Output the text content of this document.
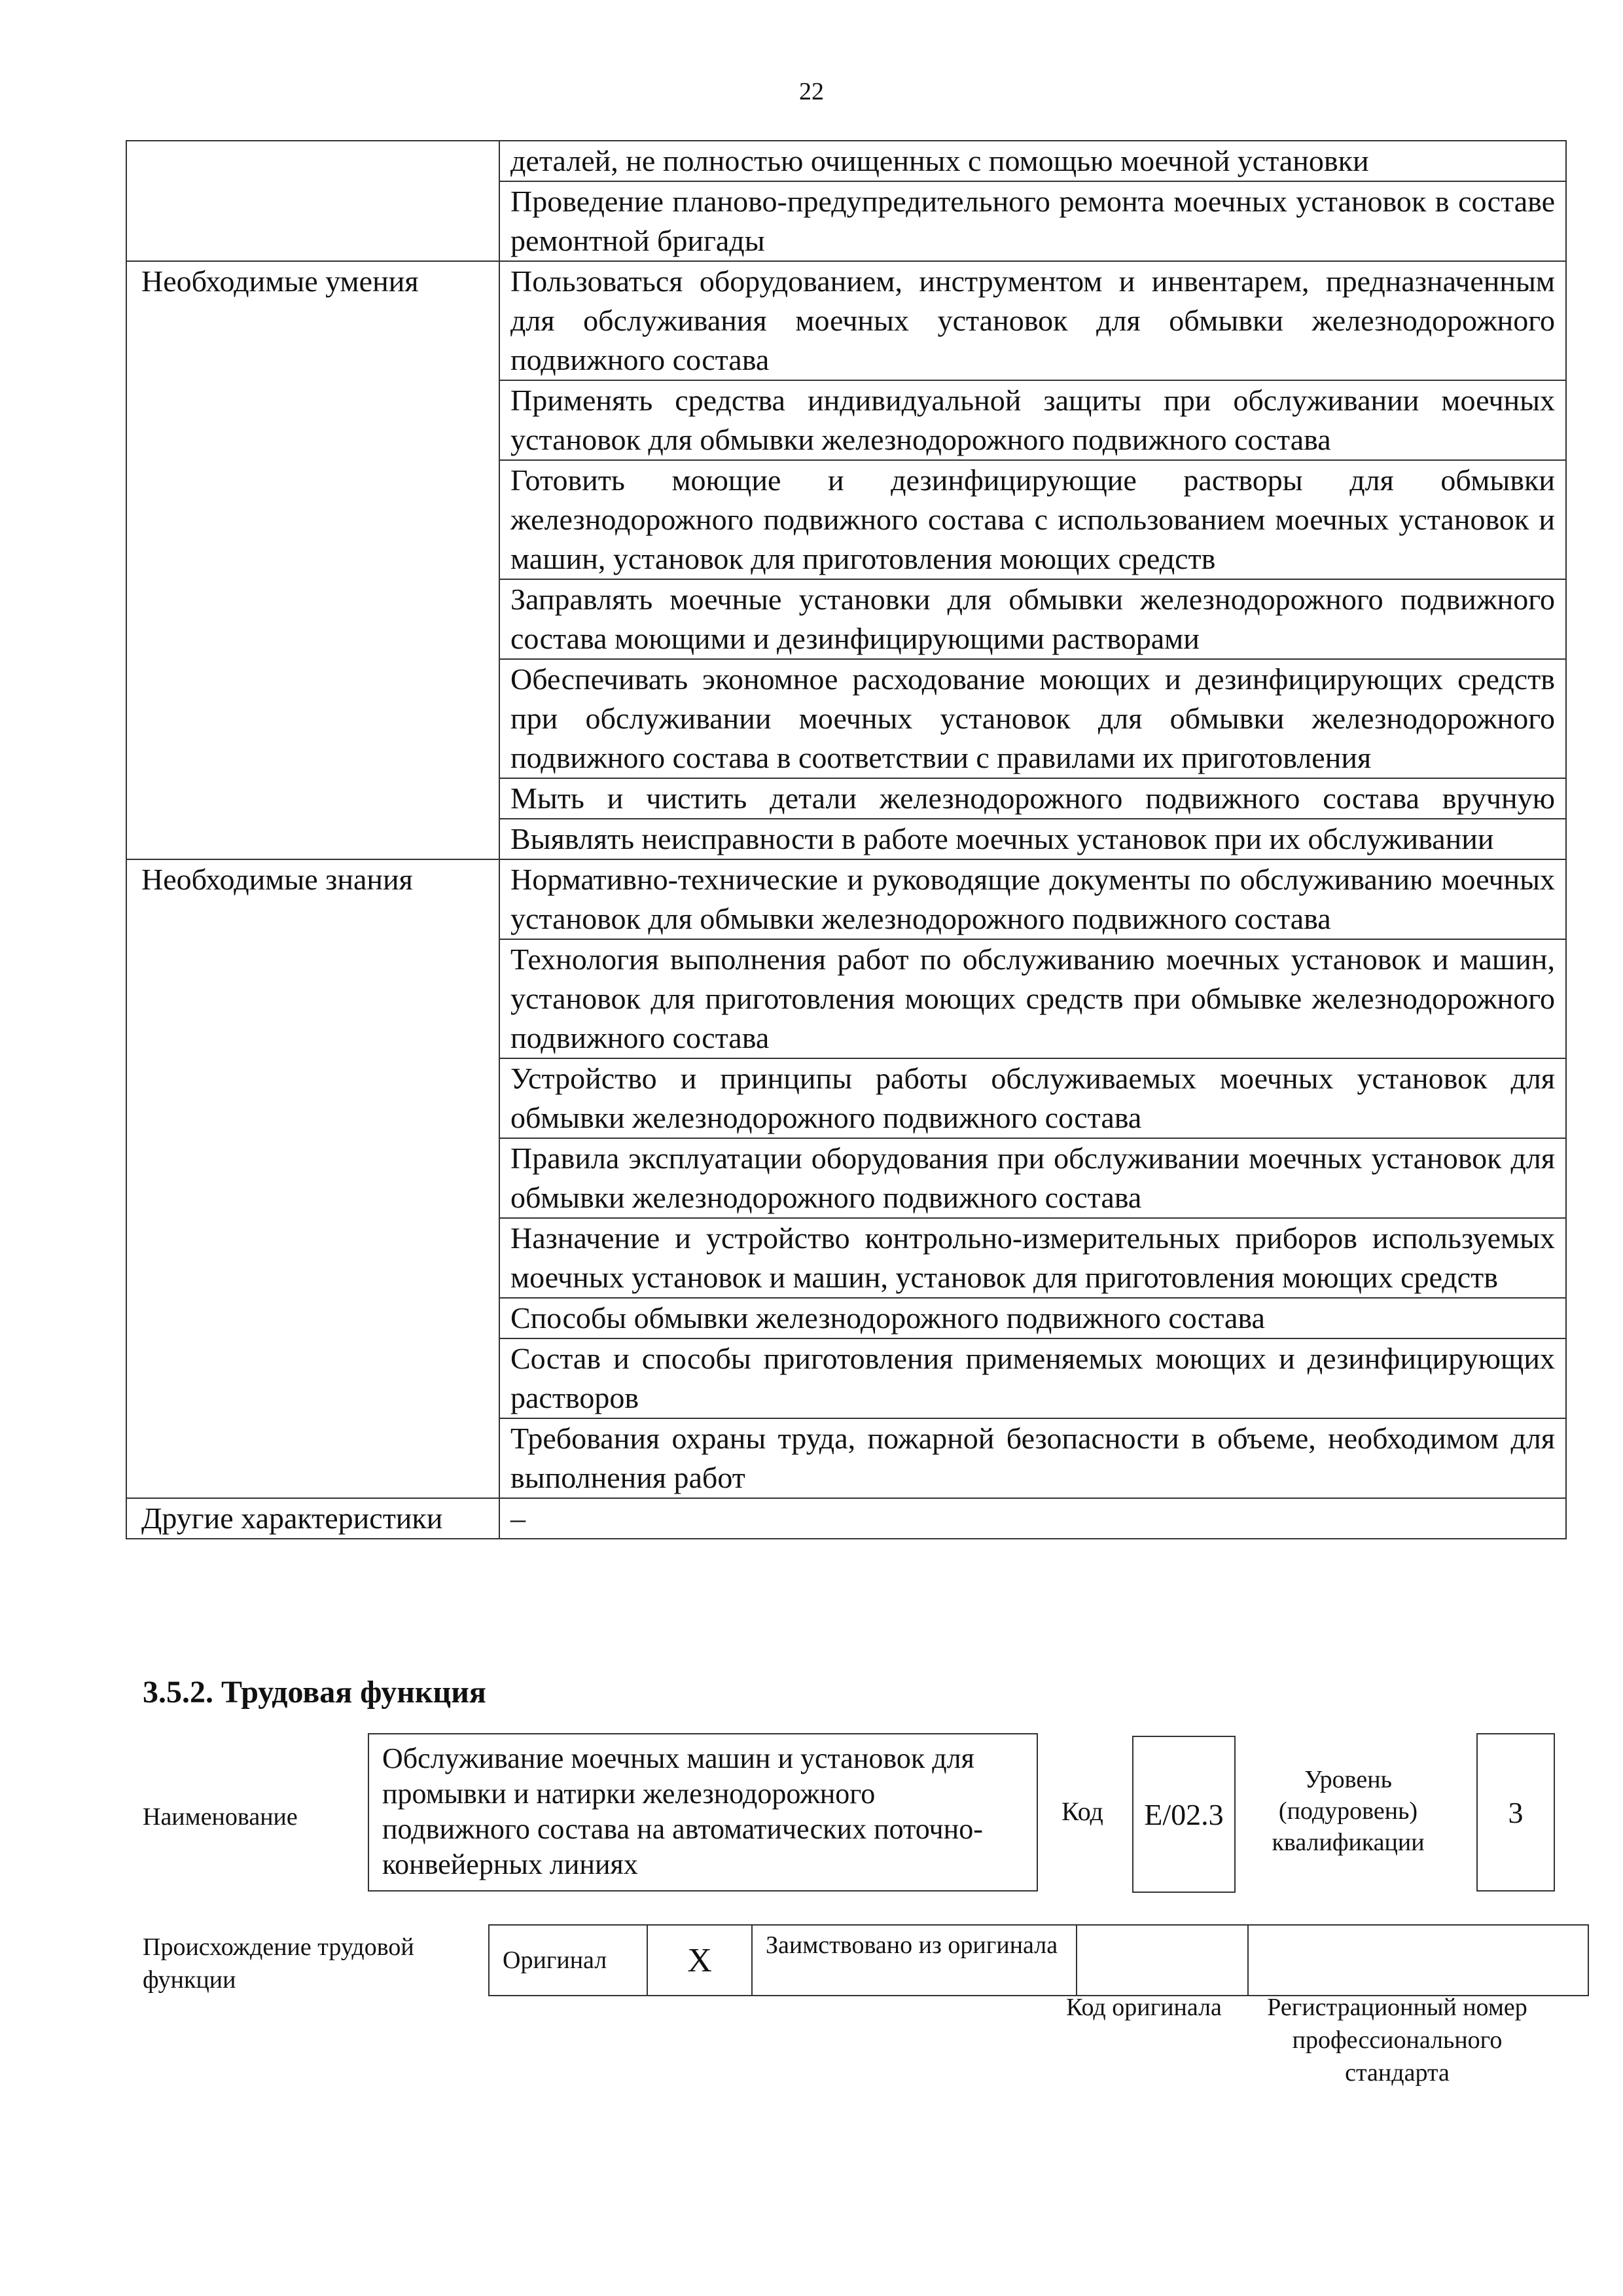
22
	деталей, не полностью очищенных с помощью моечной установки
	Проведение планово-предупредительного ремонта моечных установок в составе ремонтной бригады
Необходимые умения	Пользоваться оборудованием, инструментом и инвентарем, предназначенным для обслуживания моечных установок для обмывки железнодорожного подвижного состава
	Применять средства индивидуальной защиты при обслуживании моечных установок для обмывки железнодорожного подвижного состава
	Готовить моющие и дезинфицирующие растворы для обмывки железнодорожного подвижного состава с использованием моечных установок и машин, установок для приготовления моющих средств
	Заправлять моечные установки для обмывки железнодорожного подвижного состава моющими и дезинфицирующими растворами
	Обеспечивать экономное расходование моющих и дезинфицирующих средств при обслуживании моечных установок для обмывки железнодорожного подвижного состава в соответствии с правилами их приготовления
	Мыть и чистить детали железнодорожного подвижного состава вручную
	Выявлять неисправности в работе моечных установок при их обслуживании
Необходимые знания	Нормативно-технические и руководящие документы по обслуживанию моечных установок для обмывки железнодорожного подвижного состава
	Технология выполнения работ по обслуживанию моечных установок и машин, установок для приготовления моющих средств при обмывке железнодорожного подвижного состава
	Устройство и принципы работы обслуживаемых моечных установок для обмывки железнодорожного подвижного состава
	Правила эксплуатации оборудования при обслуживании моечных установок для обмывки железнодорожного подвижного состава
	Назначение и устройство контрольно-измерительных приборов используемых моечных установок и машин, установок для приготовления моющих средств
	Способы обмывки железнодорожного подвижного состава
	Состав и способы приготовления применяемых моющих и дезинфицирующих растворов
	Требования охраны труда, пожарной безопасности в объеме, необходимом для выполнения работ
Другие характеристики	–
3.5.2. Трудовая функция
Наименование
Обслуживание моечных машин и установок для промывки и натирки железнодорожного подвижного состава на автоматических поточно-конвейерных линиях
Код E/02.3
Уровень (подуровень) квалификации
3
Происхождение трудовой функции
Оригинал	X	Заимствовано из оригинала		
Код оригинала	Регистрационный номер профессионального стандарта
